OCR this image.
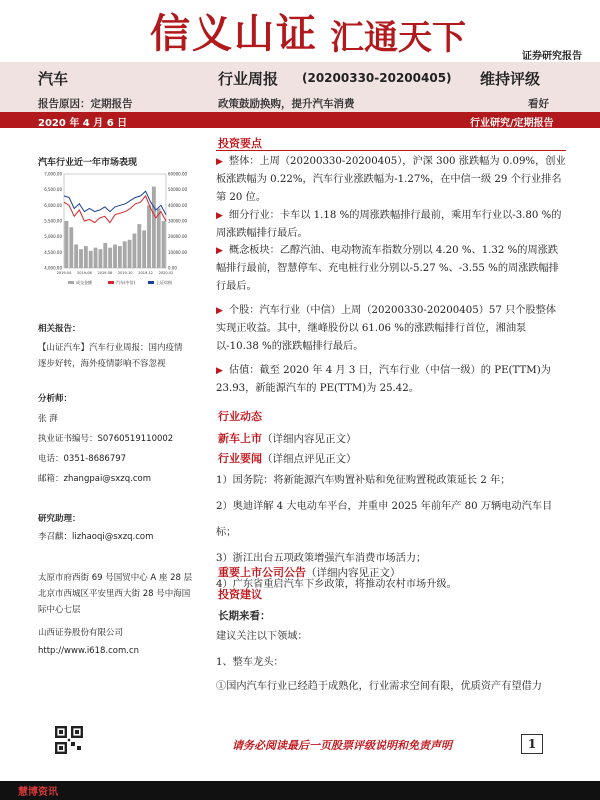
信义山证 汇通天下	证券研究报告
汽车	行业周报 (20200330-20200405) 维持评级
报告原因：定期报告	政策鼓励换购，提升汽车消费	看好
2020 年 4 月 6 日	行业研究/定期报告
汽车行业近一年市场表现
7,000.00
6,500.00
6,000.00
5,500.00
5,000.00
4,500.00
4,000.00
60000.00
50000.00
40000.00
30000.00
20000.00
10000.00
0.00
2019-04 2019-06 2019-08 2019-10 2019-12 2020-02
成交金额	汽车(中信)	上证综指
相关报告：
【山证汽车】汽车行业周报：国内疫情逐步好转，海外疫情影响不容忽视
分析师：
张 湃
执业证书编号：S0760519110002
电话：0351-8686797
邮箱：zhangpai@sxzq.com
研究助理：
李召麒：lizhaoqi@sxzq.com
太原市府西街 69 号国贸中心 A 座 28 层
北京市西城区平安里西大街 28 号中海国际中心七层
山西证券股份有限公司
http://www.i618.com.cn
投资要点
▶ 整体：上周（20200330-20200405），沪深 300 涨跌幅为 0.09%，创业板涨跌幅为 0.22%，汽车行业涨跌幅为-1.27%，在中信一级 29 个行业排名第 20 位。
▶ 细分行业：卡车以 1.18 %的周涨跌幅排行最前，乘用车行业以-3.80 %的周涨跌幅排行最后。
▶ 概念板块：乙醇汽油、电动物流车指数分别以 4.20 %、1.32 %的周涨跌幅排行最前，智慧停车、充电桩行业分别以-5.27 %、-3.55 %的周涨跌幅排行最后。
▶ 个股：汽车行业（中信）上周（20200330-20200405）57 只个股整体实现正收益。其中，继峰股份以 61.06 %的涨跌幅排行首位，湘油泵以-10.38 %的涨跌幅排行最后。
▶ 估值：截至 2020 年 4 月 3 日，汽车行业（中信一级）的 PE(TTM)为 23.93，新能源汽车的 PE(TTM)为 25.42。
行业动态
新车上市（详细内容见正文）
行业要闻（详细点评见正文）
1）国务院：将新能源汽车购置补贴和免征购置税政策延长 2 年；
2）奥迪详解 4 大电动车平台，并重申 2025 年前年产 80 万辆电动汽车目标；
3）浙江出台五项政策增强汽车消费市场活力；
4）广东省重启汽车下乡政策，将推动农村市场升级。
重要上市公司公告（详细内容见正文）
投资建议
长期来看：
建议关注以下领域：
1、整车龙头：
①国内汽车行业已经趋于成熟化，行业需求空间有限，优质资产有望借力
请务必阅读最后一页股票评级说明和免责声明	1
慧博资讯
